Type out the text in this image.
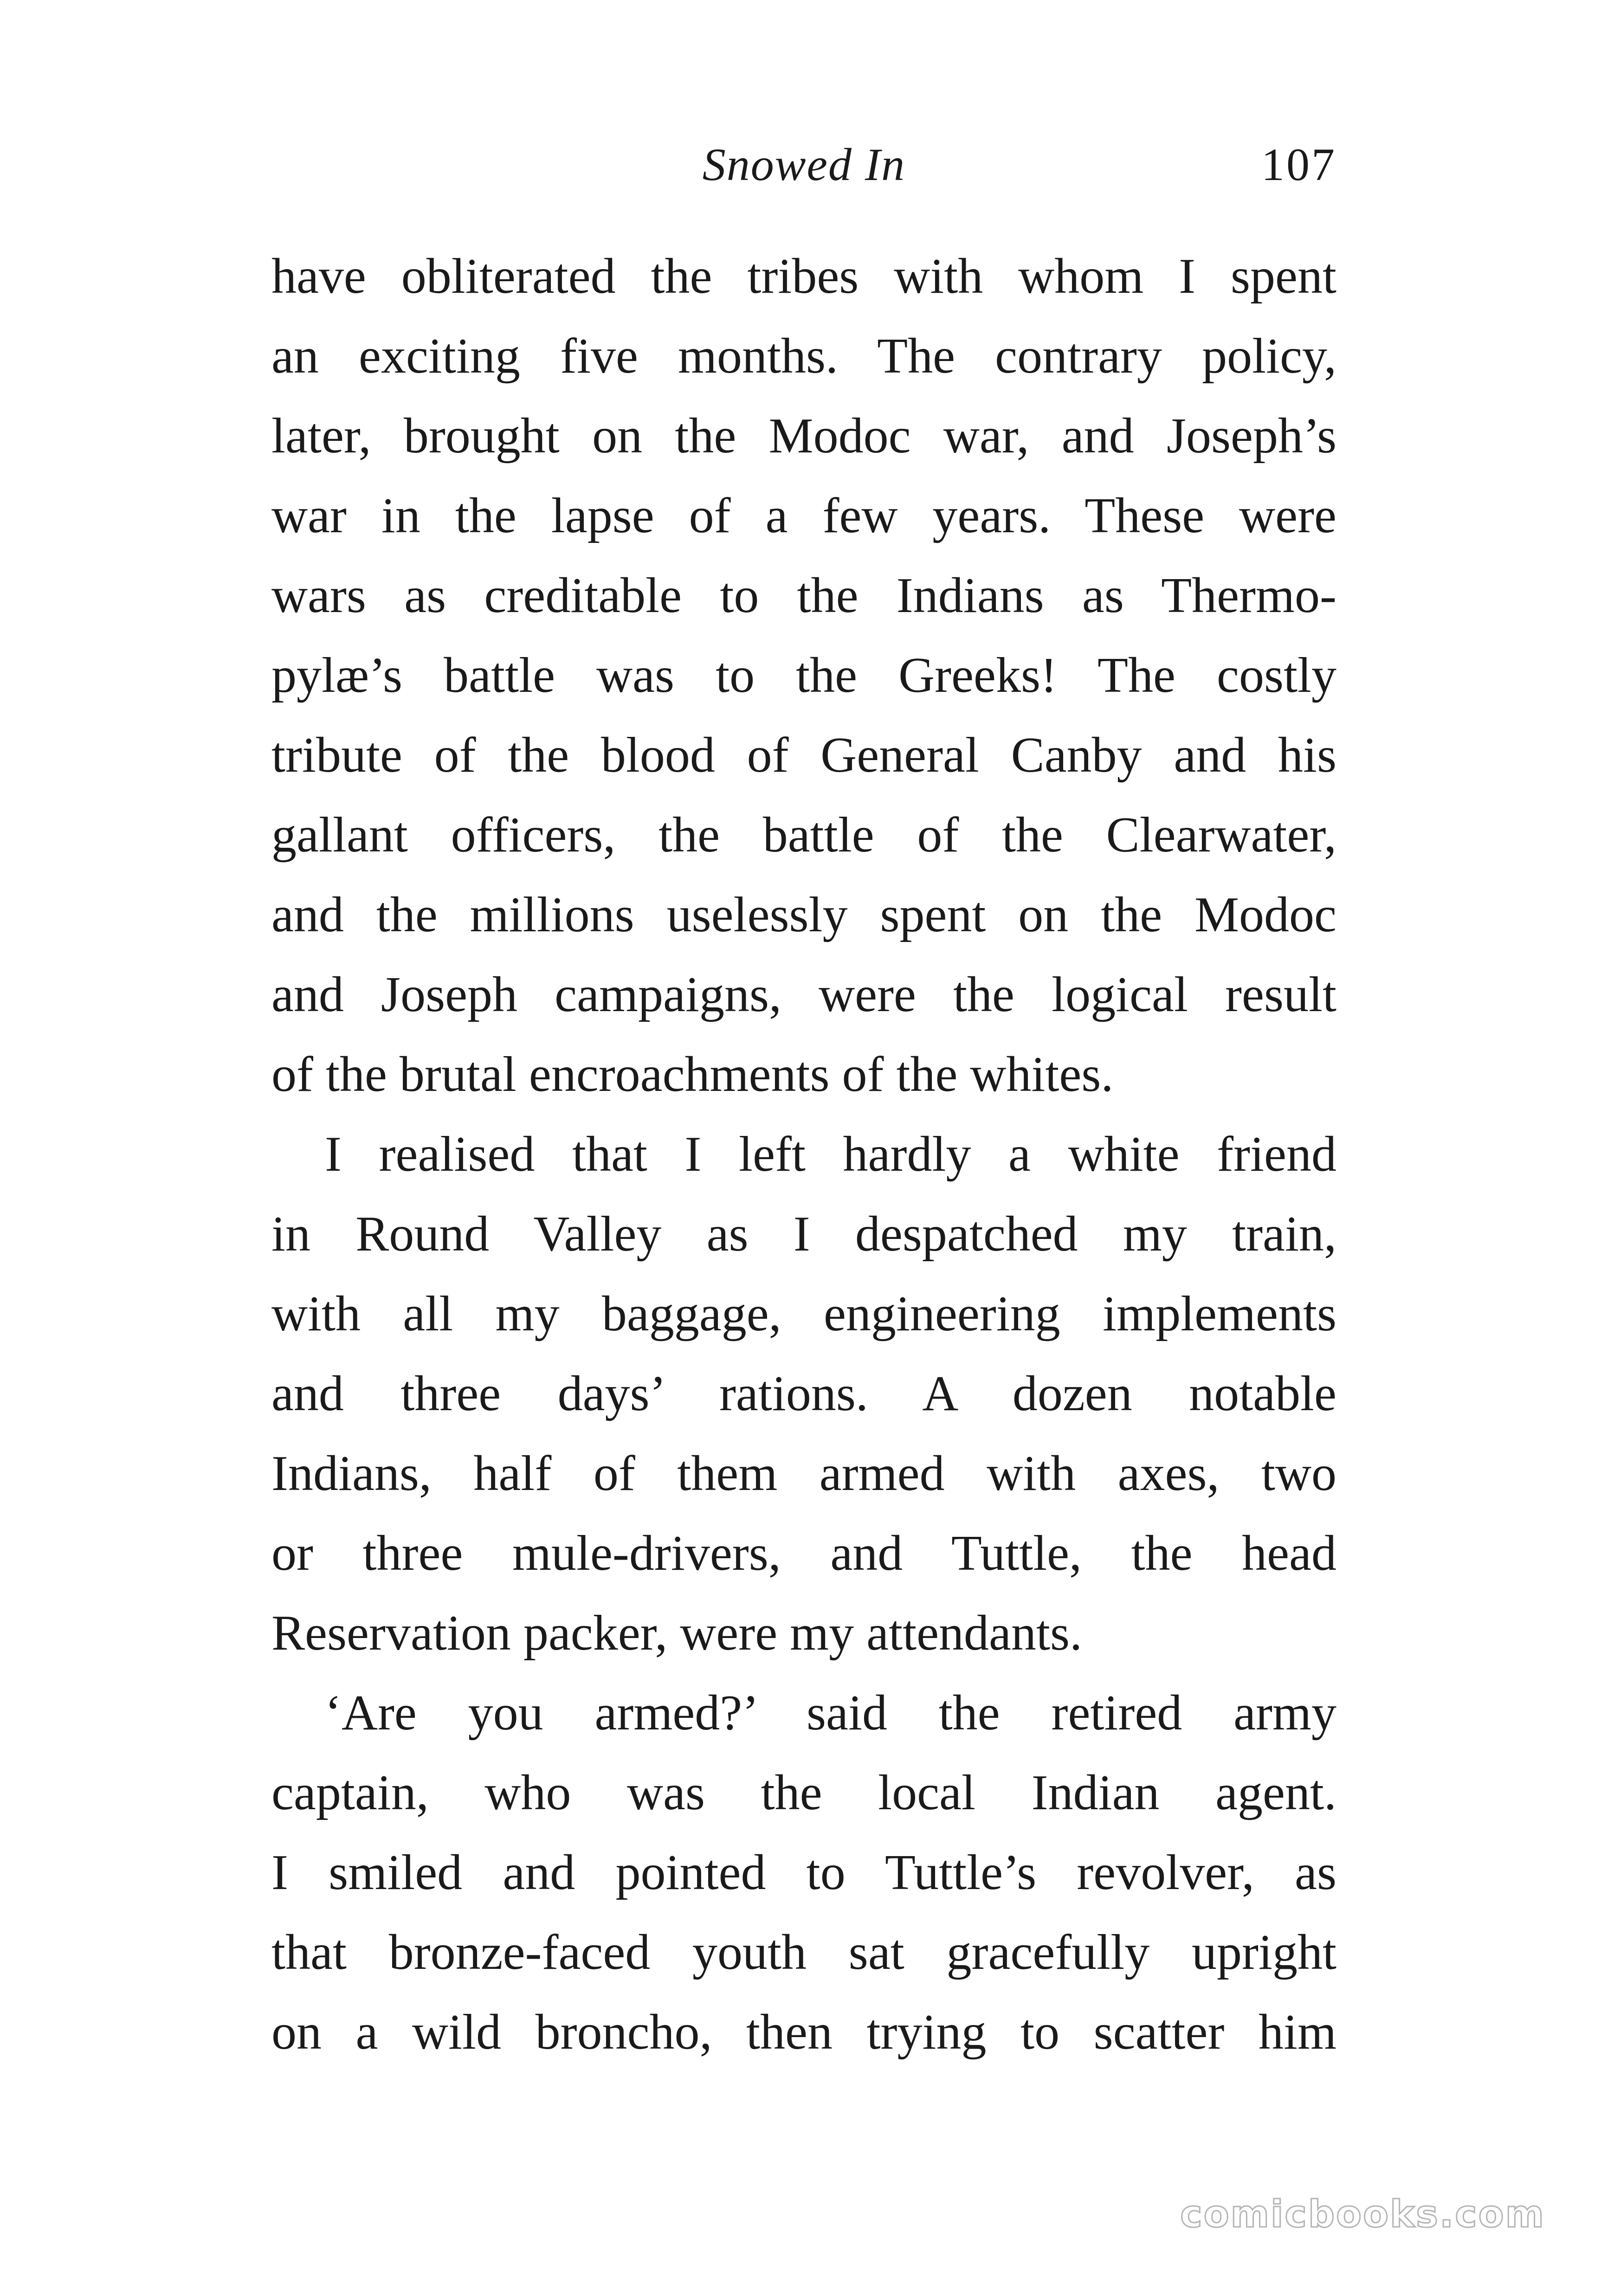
Snowed In	107
have obliterated the tribes with whom I spent
an exciting five months. The contrary policy,
later, brought on the Modoc war, and Joseph’s
war in the lapse of a few years. These were
wars as creditable to the Indians as Thermo-
pylæ’s battle was to the Greeks! The costly
tribute of the blood of General Canby and his
gallant officers, the battle of the Clearwater,
and the millions uselessly spent on the Modoc
and Joseph campaigns, were the logical result
of the brutal encroachments of the whites.
I realised that I left hardly a white friend
in Round Valley as I despatched my train,
with all my baggage, engineering implements
and three days’ rations. A dozen notable
Indians, half of them armed with axes, two
or three mule-drivers, and Tuttle, the head
Reservation packer, were my attendants.
‘Are you armed?’ said the retired army
captain, who was the local Indian agent.
I smiled and pointed to Tuttle’s revolver, as
that bronze-faced youth sat gracefully upright
on a wild broncho, then trying to scatter him
comicbooks.com
